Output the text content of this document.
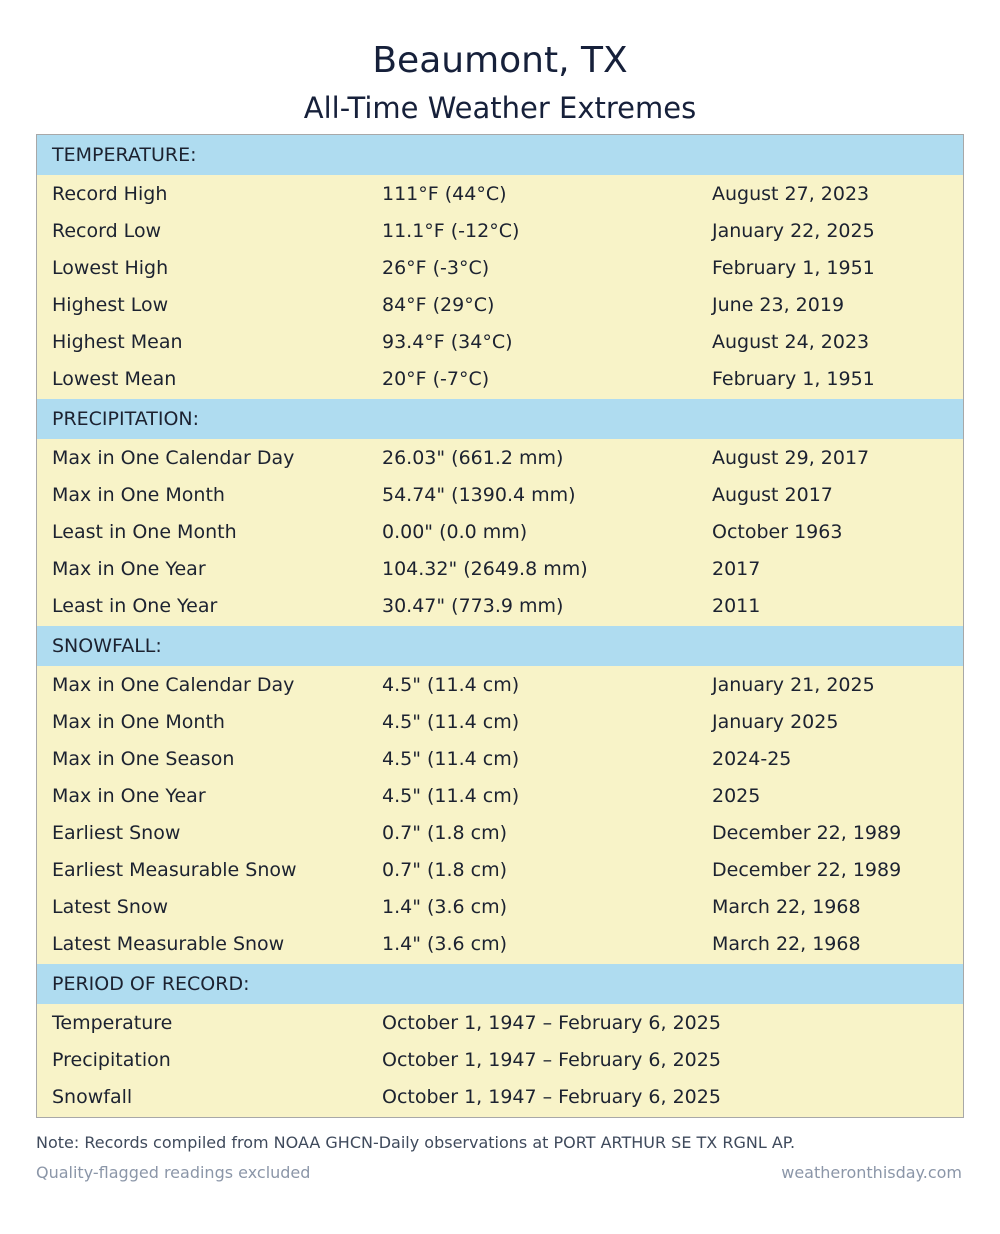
Beaumont, TX
All-Time Weather Extremes
TEMPERATURE:
Record High	111°F (44°C)	August 27, 2023
Record Low	11.1°F (-12°C)	January 22, 2025
Lowest High	26°F (-3°C)	February 1, 1951
Highest Low	84°F (29°C)	June 23, 2019
Highest Mean	93.4°F (34°C)	August 24, 2023
Lowest Mean	20°F (-7°C)	February 1, 1951
PRECIPITATION:
Max in One Calendar Day	26.03" (661.2 mm)	August 29, 2017
Max in One Month	54.74" (1390.4 mm)	August 2017
Least in One Month	0.00" (0.0 mm)	October 1963
Max in One Year	104.32" (2649.8 mm)	2017
Least in One Year	30.47" (773.9 mm)	2011
SNOWFALL:
Max in One Calendar Day	4.5" (11.4 cm)	January 21, 2025
Max in One Month	4.5" (11.4 cm)	January 2025
Max in One Season	4.5" (11.4 cm)	2024-25
Max in One Year	4.5" (11.4 cm)	2025
Earliest Snow	0.7" (1.8 cm)	December 22, 1989
Earliest Measurable Snow	0.7" (1.8 cm)	December 22, 1989
Latest Snow	1.4" (3.6 cm)	March 22, 1968
Latest Measurable Snow	1.4" (3.6 cm)	March 22, 1968
PERIOD OF RECORD:
Temperature	October 1, 1947 – February 6, 2025
Precipitation	October 1, 1947 – February 6, 2025
Snowfall	October 1, 1947 – February 6, 2025
Note: Records compiled from NOAA GHCN-Daily observations at PORT ARTHUR SE TX RGNL AP.
Quality-flagged readings excluded	weatheronthisday.com
